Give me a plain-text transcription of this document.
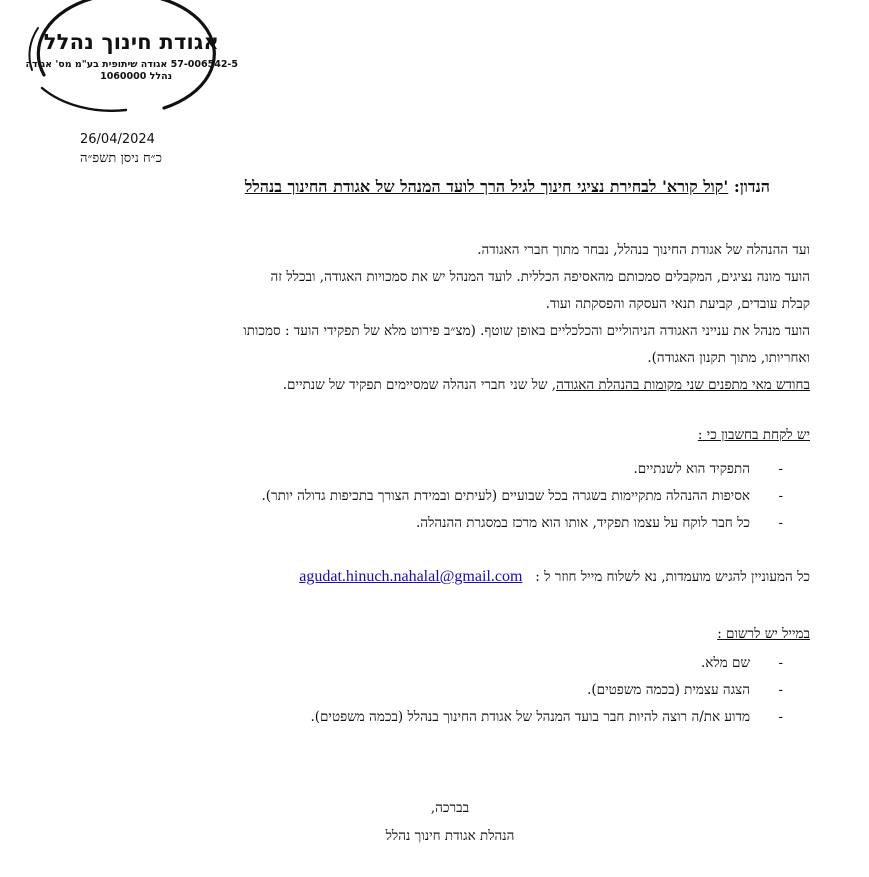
אגודת חינוך נהלל
57-006542-5 אגודה שיתופית בע"מ מס' אגודה
נהלל 1060000
26/04/2024
כ״ח ניסן תשפ״ה
הנדון: 'קול קורא' לבחירת נציגי חינוך לגיל הרך לועד המנהל של אגודת החינוך בנהלל

ועד ההנהלה של אגודת החינוך בנהלל, נבחר מתוך חברי האגודה.

הועד מונה נציגים, המקבלים סמכותם מהאסיפה הכללית. לועד המנהל יש את סמכויות האגודה, ובכלל זה

קבלת עובדים, קביעת תנאי העסקה והפסקתה ועוד.

הועד מנהל את ענייני האגודה הניהוליים והכלכליים באופן שוטף. (מצ״ב פירוט מלא של תפקידי הועד : סמכותו

ואחריותו, מתוך תקנון האגודה).

בחודש מאי מתפנים שני מקומות בהנהלת האגודה, של שני חברי הנהלה שמסיימים תפקיד של שנתיים.

יש לקחת בחשבון כי :
-
התפקיד הוא לשנתיים.
-
אסיפות ההנהלה מתקיימות בשגרה בכל שבועיים (לעיתים ובמידת הצורך בתכיפות גדולה יותר).
-
כל חבר לוקח על עצמו תפקיד, אותו הוא מרכז במסגרת ההנהלה.
כל המעוניין להגיש מועמדות, נא לשלוח מייל חוזר ל :   agudat.hinuch.nahalal@gmail.com
במייל יש לרשום :
-
שם מלא.
-
הצגה עצמית (בכמה משפטים).
-
מדוע את/ה רוצה להיות חבר בועד המנהל של אגודת החינוך בנהלל (בכמה משפטים).
בברכה,
הנהלת אגודת חינוך נהלל
